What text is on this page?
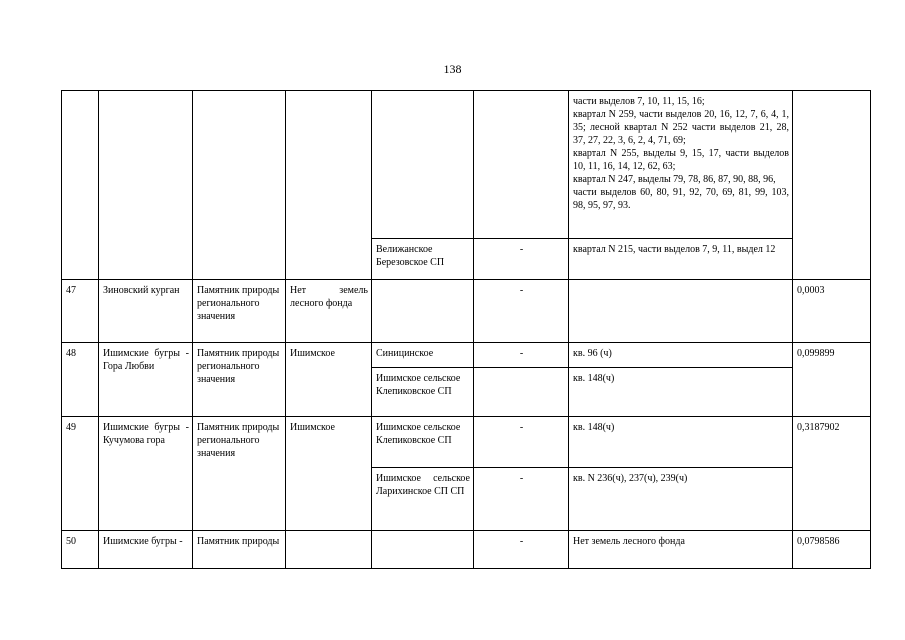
138

						части выделов 7, 10, 11, 15, 16;
квартал N 259, части выделов 20, 16, 12, 7, 6, 4, 1, 35; лесной квартал N 252 части выделов 21, 28, 37, 27, 22, 3, 6, 2, 4, 71, 69;
квартал N 255, выделы 9, 15, 17, части выделов 10, 11, 16, 14, 12, 62, 63;
квартал N 247, выделы 79, 78, 86, 87, 90, 88, 96,
части выделов 60, 80, 91, 92, 70, 69, 81, 99, 103, 98, 95, 97, 93.	

				Велижанское Березовское СП	-	квартал N 215, части выделов 7, 9, 11, выдел 12	
47	Зиновский курган	Памятник природы регионального значения	Нет земель лесного фонда		-		0,0003
48	Ишимские бугры - Гора Любви	Памятник природы регионального значения	Ишимское	Синицинское	-	кв. 96 (ч)	0,099899
				Ишимское сельское Клепиковское СП		кв. 148(ч)	
49	Ишимские бугры - Кучумова гора	Памятник природы регионального значения	Ишимское	Ишимское сельское Клепиковское СП	-	кв. 148(ч)	0,3187902
				Ишимское сельское Ларихинское СП СП	-	кв. N 236(ч), 237(ч), 239(ч)	
50	Ишимские бугры -	Памятник природы			-	Нет земель лесного фонда	0,0798586
